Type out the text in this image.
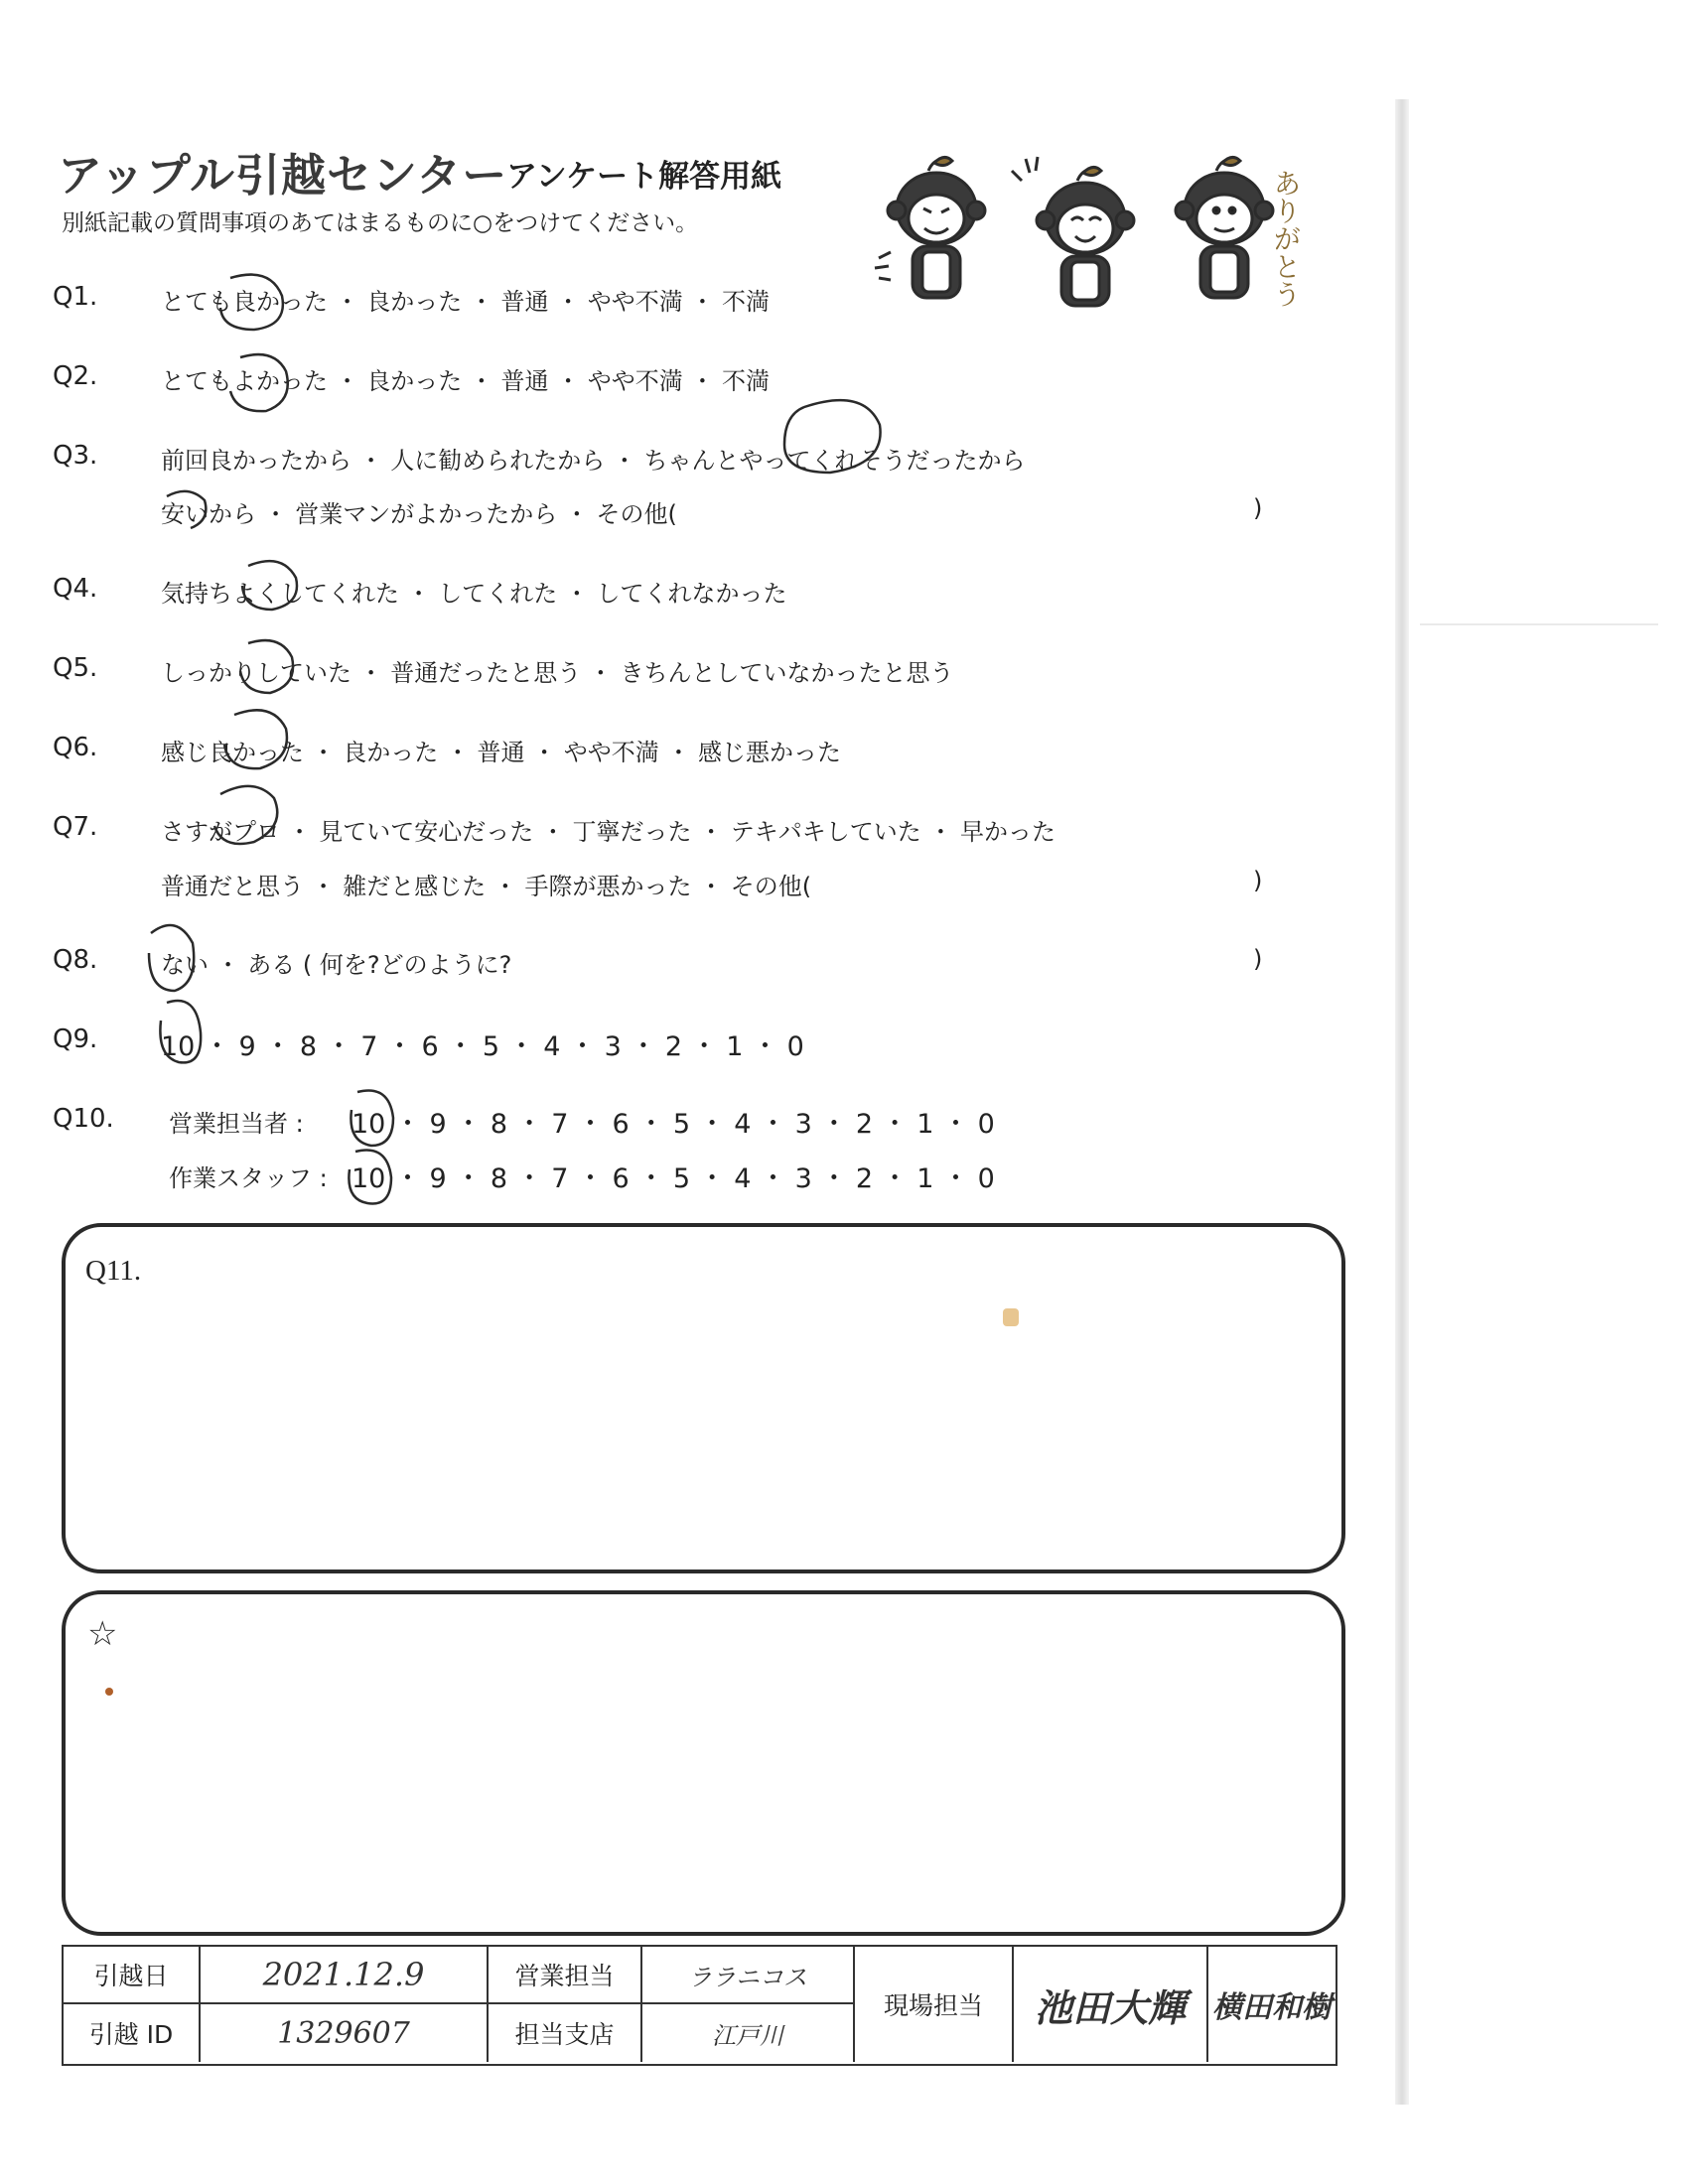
アップル引越センター
アンケート解答用紙
別紙記載の質問事項のあてはまるものに○をつけてください。	ありがとう
Q1.	とても良かった ・ 良かった ・ 普通 ・ やや不満 ・ 不満
Q2.	とてもよかった ・ 良かった ・ 普通 ・ やや不満 ・ 不満
Q3.	前回良かったから ・ 人に勧められたから ・ ちゃんとやってくれそうだったから
安いから ・ 営業マンがよかったから ・ その他(	)
Q4.	気持ちよくしてくれた ・ してくれた ・ してくれなかった
Q5.	しっかりしていた ・ 普通だったと思う ・ きちんとしていなかったと思う
Q6.	感じ良かった ・ 良かった ・ 普通 ・ やや不満 ・ 感じ悪かった
Q7.	さすがプロ ・ 見ていて安心だった ・ 丁寧だった ・ テキパキしていた ・ 早かった
普通だと思う ・ 雑だと感じた ・ 手際が悪かった ・ その他(	)
Q8.	ない ・ ある ( 何を?どのように?	)
Q9. 10 ・ 9 ・ 8 ・ 7 ・ 6 ・ 5 ・ 4 ・ 3 ・ 2 ・ 1 ・ 0
Q10. 営業担当者 : 10 ・ 9 ・ 8 ・ 7 ・ 6 ・ 5 ・ 4 ・ 3 ・ 2 ・ 1 ・ 0
作業スタッフ : 10 ・ 9 ・ 8 ・ 7 ・ 6 ・ 5 ・ 4 ・ 3 ・ 2 ・ 1 ・ 0
Q11.
☆
引越日	2021.12.9	営業担当	ララニコス
引越 ID	1329607	担当支店	江戸川
現場担当	池田大輝 横田和樹
